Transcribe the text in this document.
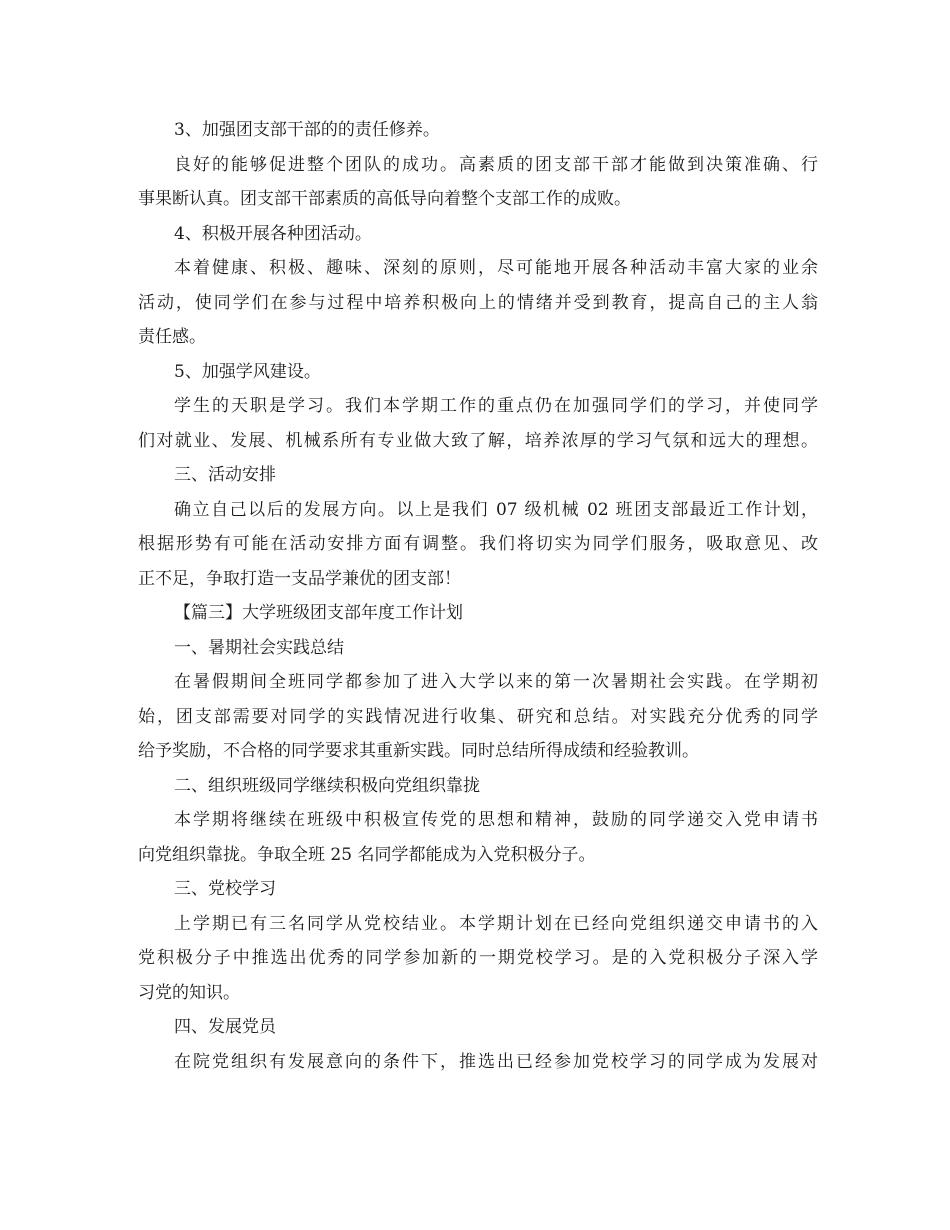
3、加强团支部干部的的责任修养。
良好的能够促进整个团队的成功。高素质的团支部干部才能做到决策准确、行
事果断认真。团支部干部素质的高低导向着整个支部工作的成败。
4、积极开展各种团活动。
本着健康、积极、趣味、深刻的原则，尽可能地开展各种活动丰富大家的业余
活动，使同学们在参与过程中培养积极向上的情绪并受到教育，提高自己的主人翁
责任感。
5、加强学风建设。
学生的天职是学习。我们本学期工作的重点仍在加强同学们的学习，并使同学
们对就业、发展、机械系所有专业做大致了解，培养浓厚的学习气氛和远大的理想。
三、活动安排
确立自己以后的发展方向。以上是我们 07 级机械 02 班团支部最近工作计划，
根据形势有可能在活动安排方面有调整。我们将切实为同学们服务，吸取意见、改
正不足，争取打造一支品学兼优的团支部！
【篇三】大学班级团支部年度工作计划
一、暑期社会实践总结
在暑假期间全班同学都参加了进入大学以来的第一次暑期社会实践。在学期初
始，团支部需要对同学的实践情况进行收集、研究和总结。对实践充分优秀的同学
给予奖励，不合格的同学要求其重新实践。同时总结所得成绩和经验教训。
二、组织班级同学继续积极向党组织靠拢
本学期将继续在班级中积极宣传党的思想和精神，鼓励的同学递交入党申请书
向党组织靠拢。争取全班 25 名同学都能成为入党积极分子。
三、党校学习
上学期已有三名同学从党校结业。本学期计划在已经向党组织递交申请书的入
党积极分子中推选出优秀的同学参加新的一期党校学习。是的入党积极分子深入学
习党的知识。
四、发展党员
在院党组织有发展意向的条件下，推选出已经参加党校学习的同学成为发展对
